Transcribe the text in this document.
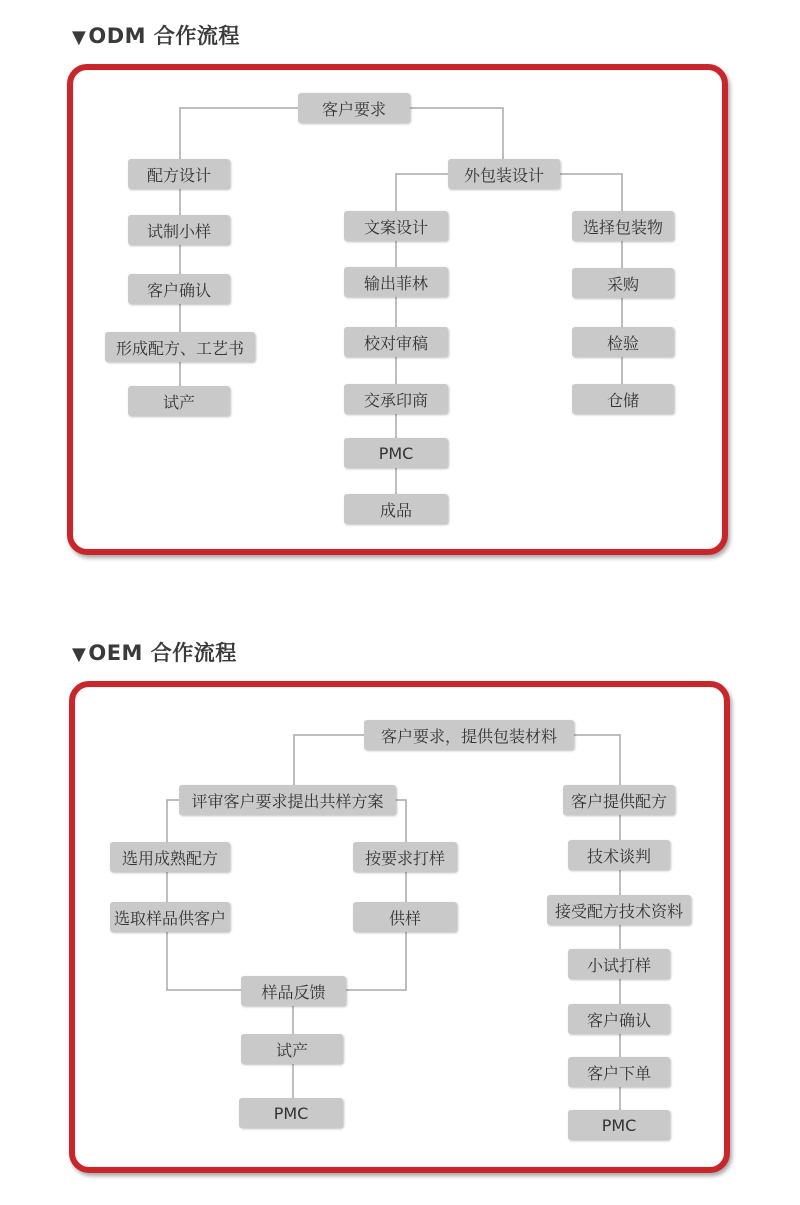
▼ODM 合作流程
客户要求
配方设计
试制小样
客户确认
形成配方、工艺书
试产
外包装设计
文案设计
输出菲林
校对审稿
交承印商
PMC
成品
选择包装物
采购
检验
仓储
▼OEM 合作流程
客户要求，提供包装材料
评审客户要求提出共样方案
选用成熟配方
选取样品供客户
按要求打样
供样
样品反馈
试产
PMC
客户提供配方
技术谈判
接受配方技术资料
小试打样
客户确认
客户下单
PMC
